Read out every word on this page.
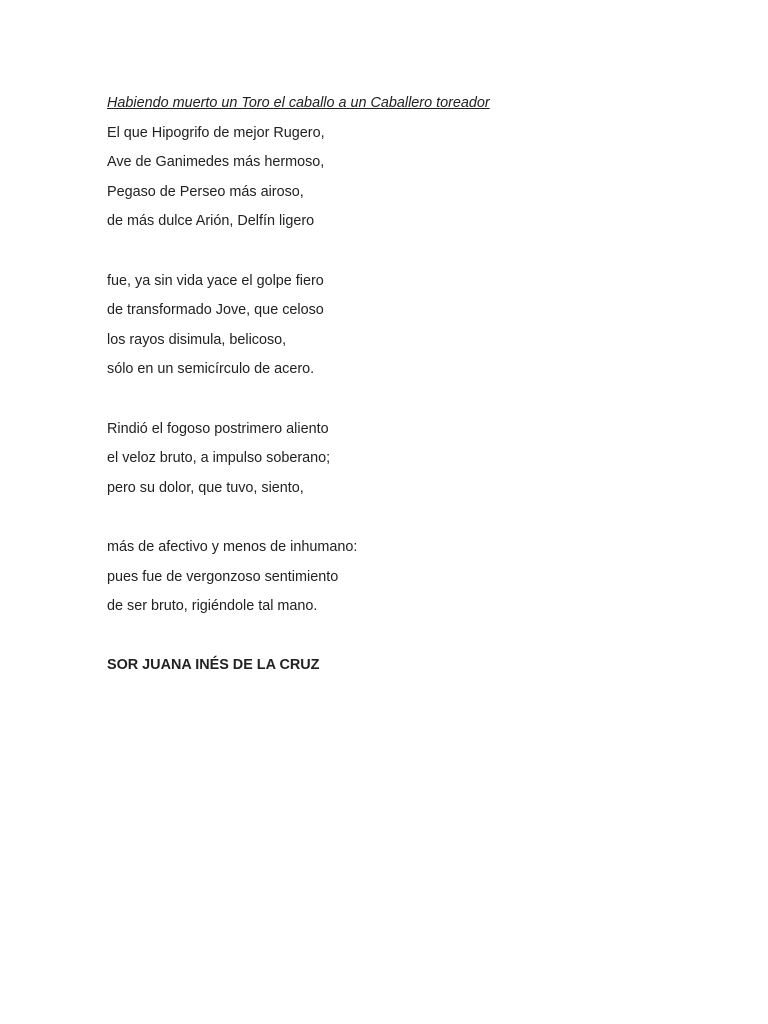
Habiendo muerto un Toro el caballo a un Caballero toreador
El que Hipogrifo de mejor Rugero,
Ave de Ganimedes más hermoso,
Pegaso de Perseo más airoso,
de más dulce Arión, Delfín ligero
fue, ya sin vida yace el golpe fiero
de transformado Jove, que celoso
los rayos disimula, belicoso,
sólo en un semicírculo de acero.
Rindió el fogoso postrimero aliento
el veloz bruto, a impulso soberano;
pero su dolor, que tuvo, siento,
más de afectivo y menos de inhumano:
pues fue de vergonzoso sentimiento
de ser bruto, rigiéndole tal mano.
SOR JUANA INÉS DE LA CRUZ
